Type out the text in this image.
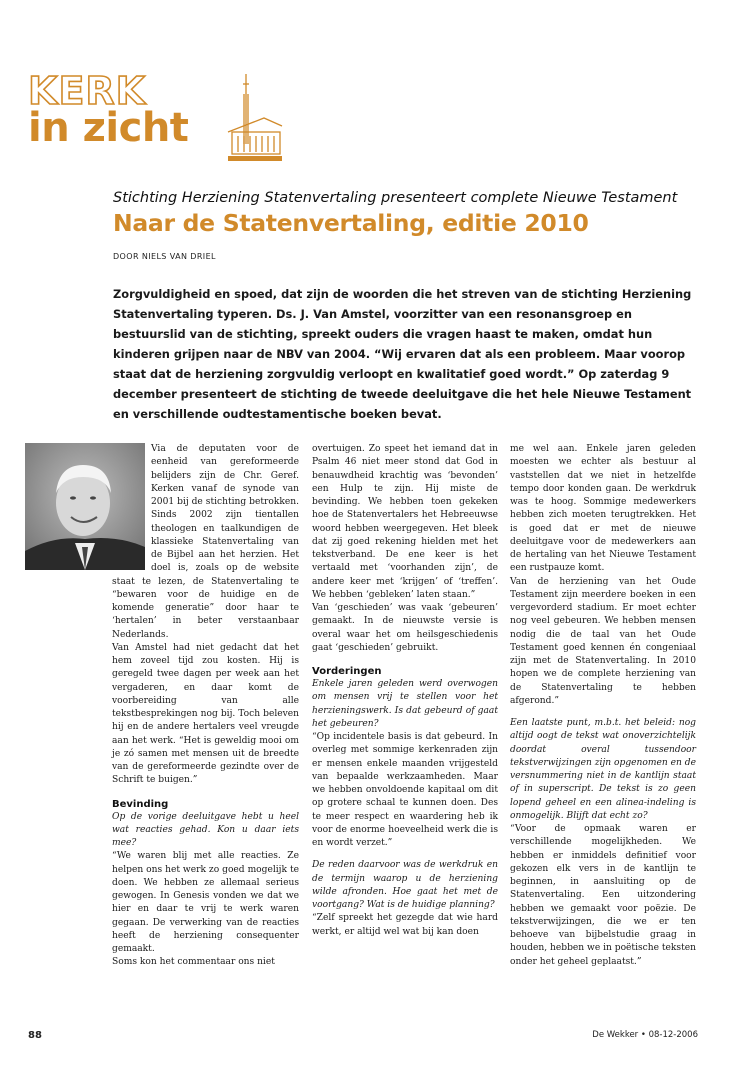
KERK
in zicht
Stichting Herziening Statenvertaling presenteert complete Nieuwe Testament
Naar de Statenvertaling, editie 2010
DOOR NIELS VAN DRIEL
Zorgvuldigheid en spoed, dat zijn de woorden die het streven van de stichting Herziening Statenvertaling typeren. Ds. J. Van Amstel, voorzitter van een resonansgroep en bestuurslid van de stichting, spreekt ouders die vragen haast te maken, omdat hun kinderen grijpen naar de NBV van 2004. “Wij ervaren dat als een probleem. Maar voorop staat dat de herziening zorgvuldig verloopt en kwalitatief goed wordt.” Op zaterdag 9 december presenteert de stichting de tweede deeluitgave die het hele Nieuwe Testament en verschillende oudtestamentische boeken bevat.

Via de deputaten voor de eenheid van gereformeerde belijders zijn de Chr. Geref. Kerken vanaf de synode van 2001 bij de stichting betrokken. Sinds 2002 zijn tientallen theologen en taalkundigen de klassieke Statenvertaling van de Bijbel aan het herzien. Het doel is, zoals op de website staat te lezen, de Statenvertaling te “bewaren voor de huidige en de komende generatie” door haar te ‘hertalen’ in beter verstaanbaar Nederlands.

Van Amstel had niet gedacht dat het hem zoveel tijd zou kosten. Hij is geregeld twee dagen per week aan het vergaderen, en daar komt de voorbereiding van alle tekstbesprekingen nog bij. Toch beleven hij en de andere hertalers veel vreugde aan het werk. “Het is geweldig mooi om je zó samen met mensen uit de breedte van de gereformeerde gezindte over de Schrift te buigen.”

Bevinding

Op de vorige deeluitgave hebt u heel wat reacties gehad. Kon u daar iets mee?

“We waren blij met alle reacties. Ze helpen ons het werk zo goed mogelijk te doen. We hebben ze allemaal serieus gewogen. In Genesis vonden we dat we hier en daar te vrij te werk waren gegaan. De verwerking van de reacties heeft de herziening consequenter gemaakt.

Soms kon het commentaar ons niet

overtuigen. Zo speet het iemand dat in Psalm 46 niet meer stond dat God in benauwdheid krachtig was ‘bevonden’ een Hulp te zijn. Hij miste de bevinding. We hebben toen gekeken hoe de Statenvertalers het Hebreeuwse woord hebben weergegeven. Het bleek dat zij goed rekening hielden met het tekstverband. De ene keer is het vertaald met ‘voorhanden zijn’, de andere keer met ‘krijgen’ of ‘treffen’. We hebben ‘gebleken’ laten staan.”

Van ‘geschieden’ was vaak ‘gebeuren’ gemaakt. In de nieuwste versie is overal waar het om heilsgeschiedenis gaat ‘geschieden’ gebruikt.

Vorderingen

Enkele jaren geleden werd overwogen om mensen vrij te stellen voor het herzieningswerk. Is dat gebeurd of gaat het gebeuren?

“Op incidentele basis is dat gebeurd. In overleg met sommige kerkenraden zijn er mensen enkele maanden vrijgesteld van bepaalde werkzaamheden. Maar we hebben onvoldoende kapitaal om dit op grotere schaal te kunnen doen. Des te meer respect en waardering heb ik voor de enorme hoeveelheid werk die is en wordt verzet.”

De reden daarvoor was de werkdruk en de termijn waarop u de herziening wilde afronden. Hoe gaat het met de voortgang? Wat is de huidige planning?

“Zelf spreekt het gezegde dat wie hard werkt, er altijd wel wat bij kan doen

me wel aan. Enkele jaren geleden moesten we echter als bestuur al vaststellen dat we niet in hetzelfde tempo door konden gaan. De werkdruk was te hoog. Sommige medewerkers hebben zich moeten terugtrekken. Het is goed dat er met de nieuwe deeluitgave voor de medewerkers aan de hertaling van het Nieuwe Testament een rustpauze komt.

Van de herziening van het Oude Testament zijn meerdere boeken in een vergevorderd stadium. Er moet echter nog veel gebeuren. We hebben mensen nodig die de taal van het Oude Testament goed kennen én congeniaal zijn met de Statenvertaling. In 2010 hopen we de complete herziening van de Statenvertaling te hebben afgerond.”

Een laatste punt, m.b.t. het beleid: nog altijd oogt de tekst wat onoverzichtelijk doordat overal tussendoor tekstverwijzingen zijn opgenomen en de versnummering niet in de kantlijn staat of in superscript. De tekst is zo geen lopend geheel en een alinea-indeling is onmogelijk. Blijft dat echt zo?

“Voor de opmaak waren er verschillende mogelijkheden. We hebben er inmiddels definitief voor gekozen elk vers in de kantlijn te beginnen, in aansluiting op de Statenvertaling. Een uitzondering hebben we gemaakt voor poëzie. De tekstverwijzingen, die we er ten behoeve van bijbelstudie graag in houden, hebben we in poëtische teksten onder het geheel geplaatst.”

88	De Wekker • 08-12-2006
